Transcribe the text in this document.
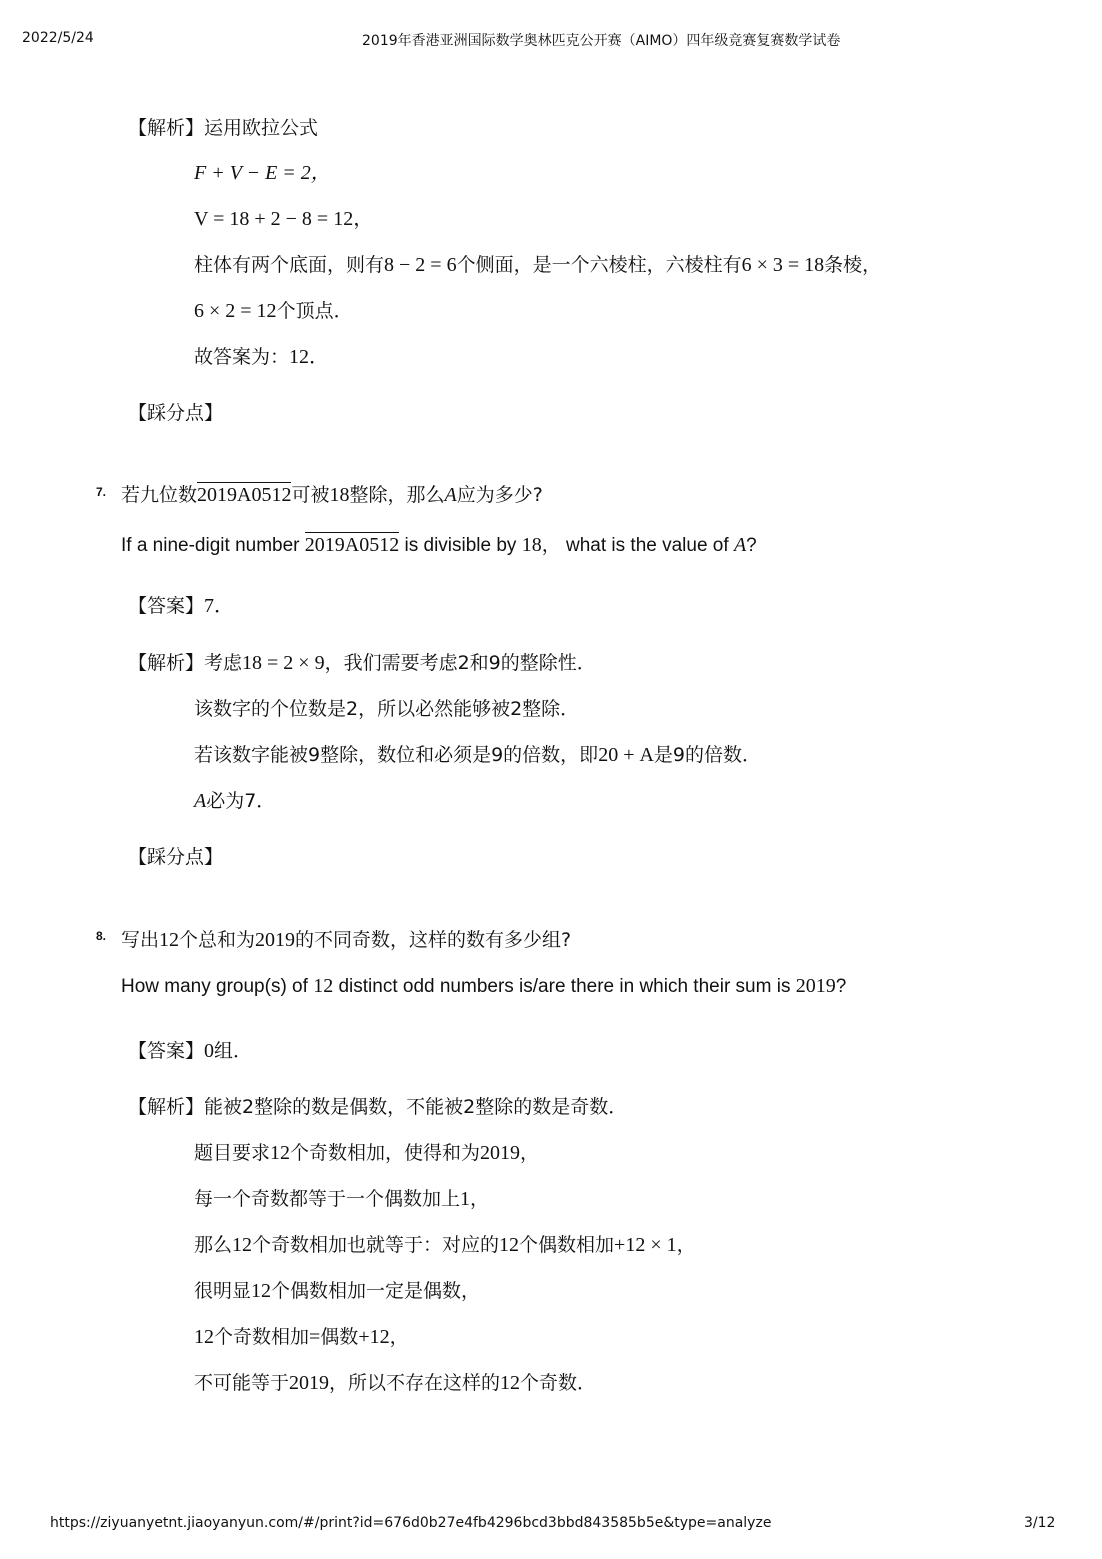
2022/5/24	2019年香港亚洲国际数学奥林匹克公开赛（AIMO）四年级竞赛复赛数学试卷
【解析】运用欧拉公式
F + V − E = 2，
V = 18 + 2 − 8 = 12，
柱体有两个底面，则有8 − 2 = 6个侧面，是一个六棱柱，六棱柱有6 × 3 = 18条棱，
6 × 2 = 12个顶点．
故答案为：12．
【踩分点】
7. 若九位数2019A0512可被18整除，那么A应为多少?
If a nine-digit number 2019A0512 is divisible by 18， what is the value of A?
【答案】7．
【解析】考虑18 = 2 × 9，我们需要考虑2和9的整除性．
该数字的个位数是2，所以必然能够被2整除．
若该数字能被9整除，数位和必须是9的倍数，即20 + A是9的倍数．
A必为7．
【踩分点】
8. 写出12个总和为2019的不同奇数，这样的数有多少组?
How many group(s) of 12 distinct odd numbers is/are there in which their sum is 2019?
【答案】0组．
【解析】能被2整除的数是偶数，不能被2整除的数是奇数．
题目要求12个奇数相加，使得和为2019，
每一个奇数都等于一个偶数加上1，
那么12个奇数相加也就等于：对应的12个偶数相加+12 × 1，
很明显12个偶数相加一定是偶数，
12个奇数相加=偶数+12，
不可能等于2019，所以不存在这样的12个奇数．
https://ziyuanyetnt.jiaoyanyun.com/#/print?id=676d0b27e4fb4296bcd3bbd843585b5e&type=analyze	3/12
